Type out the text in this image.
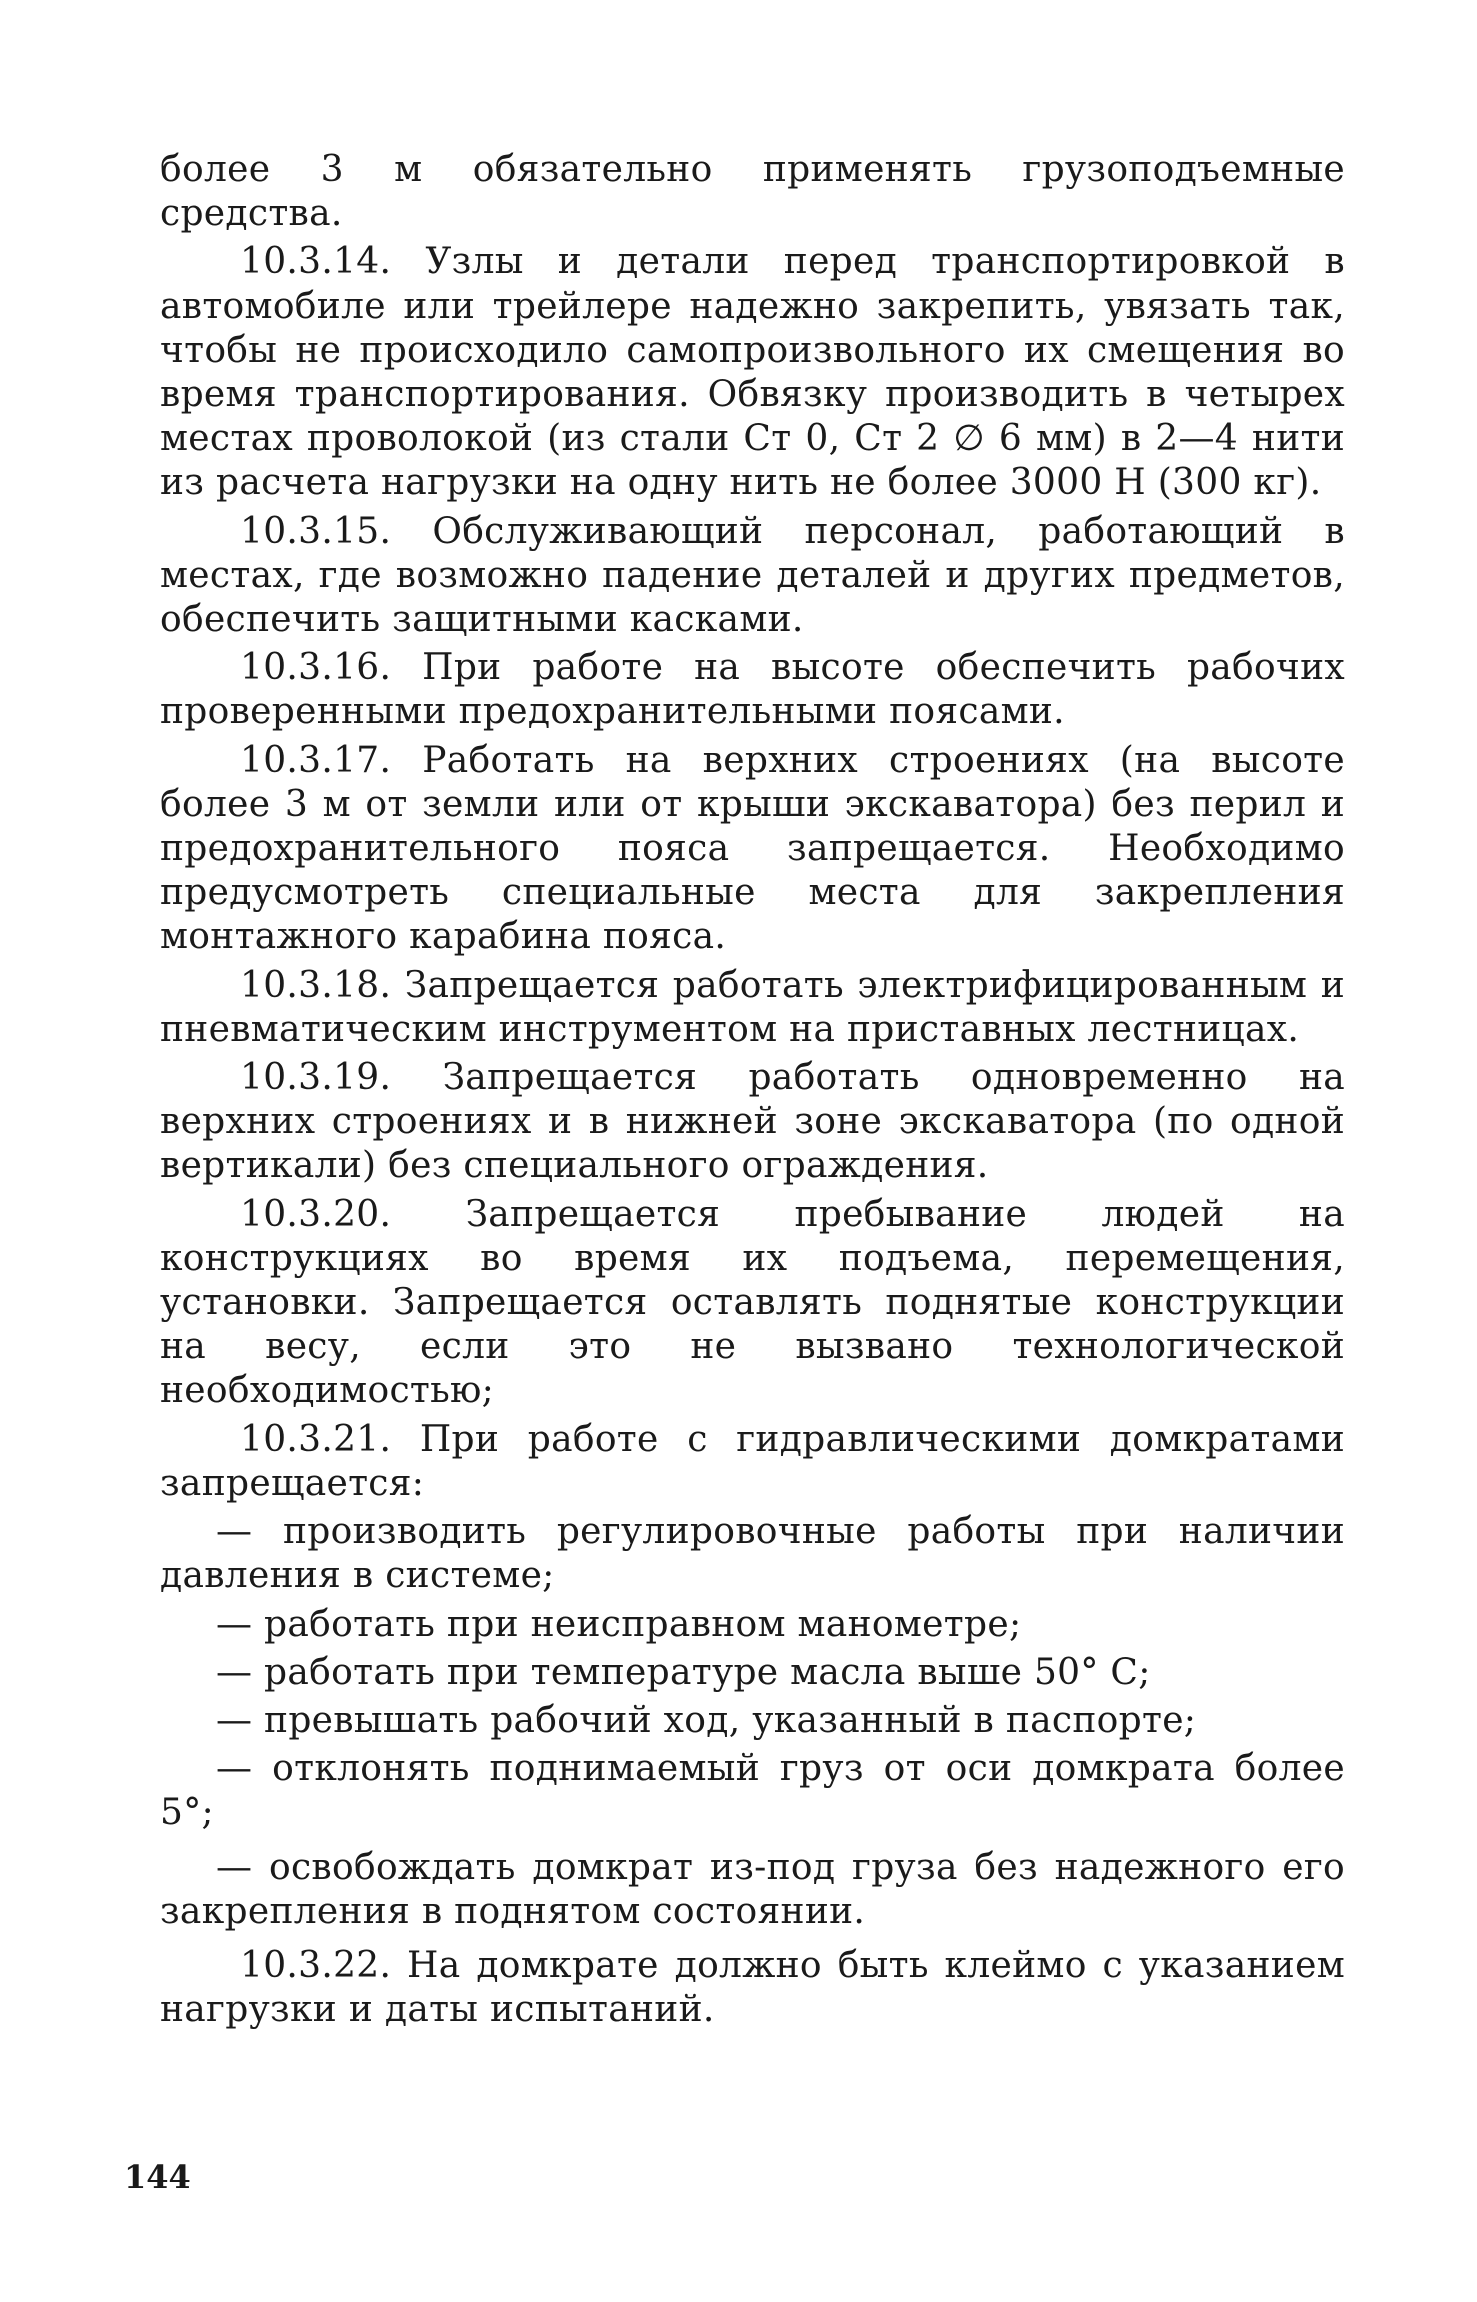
более 3 м обязательно применять грузоподъемные средства.

10.3.14. Узлы и детали перед транспортировкой в автомобиле или трейлере надежно закрепить, увязать так, чтобы не происходило самопроизвольного их смещения во время транспортирования. Обвязку производить в четырех местах проволокой (из стали Ст 0, Ст 2 ∅ 6 мм) в 2—4 нити из расчета нагрузки на одну нить не более 3000 Н (300 кг).

10.3.15. Обслуживающий персонал, работающий в местах, где возможно падение деталей и других предметов, обеспечить защитными касками.

10.3.16. При работе на высоте обеспечить рабочих проверенными предохранительными поясами.

10.3.17. Работать на верхних строениях (на высоте более 3 м от земли или от крыши экскаватора) без перил и предохранительного пояса запрещается. Необходимо предусмотреть специальные места для закрепления монтажного карабина пояса.

10.3.18. Запрещается работать электрифицированным и пневматическим инструментом на приставных лестницах.

10.3.19. Запрещается работать одновременно на верхних строениях и в нижней зоне экскаватора (по одной вертикали) без специального ограждения.

10.3.20. Запрещается пребывание людей на конструкциях во время их подъема, перемещения, установки. Запрещается оставлять поднятые конструкции на весу, если это не вызвано технологической необходимостью;

10.3.21. При работе с гидравлическими домкратами запрещается:

— производить регулировочные работы при наличии давления в системе;

— работать при неисправном манометре;

— работать при температуре масла выше 50° С;

— превышать рабочий ход, указанный в паспорте;

— отклонять поднимаемый груз от оси домкрата более 5°;

— освобождать домкрат из-под груза без надежного его закрепления в поднятом состоянии.

10.3.22. На домкрате должно быть клеймо с указанием нагрузки и даты испытаний.

144
